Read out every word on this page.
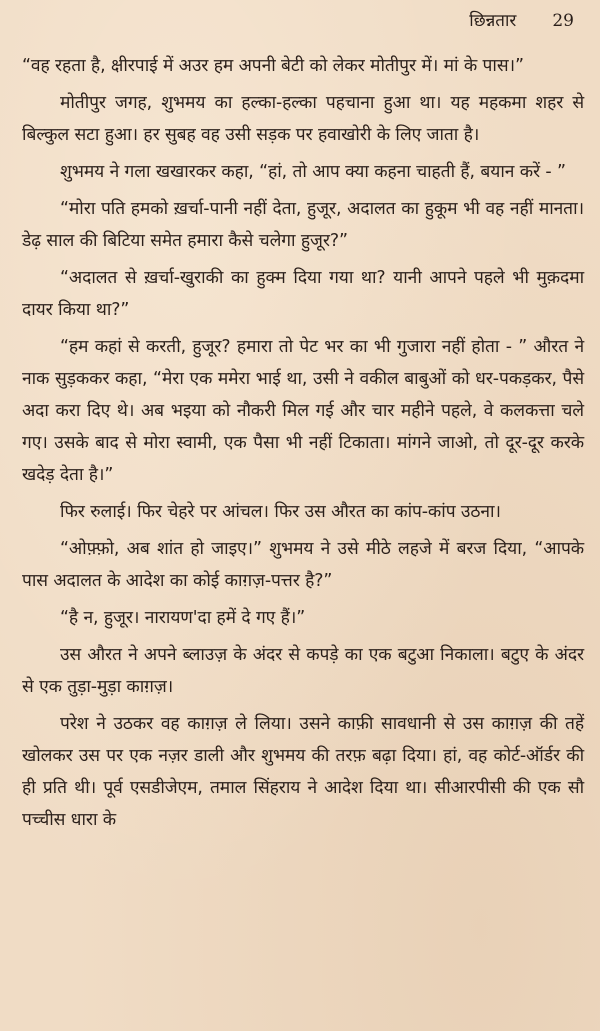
छिन्नतार 29

“वह रहता है, क्षीरपाई में अउर हम अपनी बेटी को लेकर मोतीपुर में। मां के पास।”

मोतीपुर जगह, शुभमय का हल्का-हल्का पहचाना हुआ था। यह महकमा शहर से बिल्कुल सटा हुआ। हर सुबह वह उसी सड़क पर हवाखोरी के लिए जाता है।

शुभमय ने गला खखारकर कहा, “हां, तो आप क्या कहना चाहती हैं, बयान करें - ”

“मोरा पति हमको ख़र्चा-पानी नहीं देता, हुजूर, अदालत का हुकूम भी वह नहीं मानता। डेढ़ साल की बिटिया समेत हमारा कैसे चलेगा हुजूर?”

“अदालत से ख़र्चा-खुराकी का हुक्म दिया गया था? यानी आपने पहले भी मुक़दमा दायर किया था?”

“हम कहां से करती, हुजूर? हमारा तो पेट भर का भी गुजारा नहीं होता - ” औरत ने नाक सुड़ककर कहा, “मेरा एक ममेरा भाई था, उसी ने वकील बाबुओं को धर-पकड़कर, पैसे अदा करा दिए थे। अब भइया को नौकरी मिल गई और चार महीने पहले, वे कलकत्ता चले गए। उसके बाद से मोरा स्वामी, एक पैसा भी नहीं टिकाता। मांगने जाओ, तो दूर-दूर करके खदेड़ देता है।”

फिर रुलाई। फिर चेहरे पर आंचल। फिर उस औरत का कांप-कांप उठना।

“ओफ़्फ़ो, अब शांत हो जाइए।” शुभमय ने उसे मीठे लहजे में बरज दिया, “आपके पास अदालत के आदेश का कोई काग़ज़-पत्तर है?”

“है न, हुजूर। नारायण'दा हमें दे गए हैं।”

उस औरत ने अपने ब्लाउज़ के अंदर से कपड़े का एक बटुआ निकाला। बटुए के अंदर से एक तुड़ा-मुड़ा काग़ज़।

परेश ने उठकर वह काग़ज़ ले लिया। उसने काफ़ी सावधानी से उस काग़ज़ की तहें खोलकर उस पर एक नज़र डाली और शुभमय की तरफ़ बढ़ा दिया। हां, वह कोर्ट-ऑर्डर की ही प्रति थी। पूर्व एसडीजेएम, तमाल सिंहराय ने आदेश दिया था। सीआरपीसी की एक सौ पच्चीस धारा के
